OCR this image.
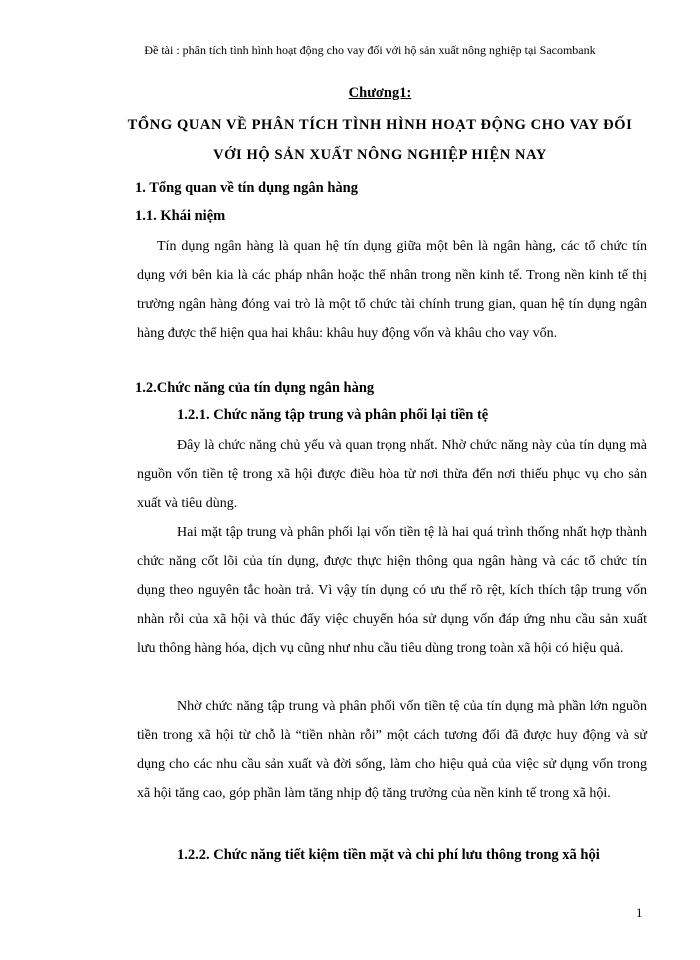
Đề tài : phân tích tình hình hoạt động cho vay đối với hộ sản xuất nông nghiệp tại Sacombank
Chương1:
TỔNG QUAN VỀ PHÂN TÍCH TÌNH HÌNH HOẠT ĐỘNG CHO VAY ĐỐI
VỚI HỘ SẢN XUẤT NÔNG NGHIỆP HIỆN NAY
1. Tổng quan về tín dụng ngân hàng
1.1. Khái niệm

Tín dụng ngân hàng là quan hệ tín dụng giữa một bên là ngân hàng, các tổ chức tín dụng với bên kia là các pháp nhân hoặc thể nhân trong nền kinh tế. Trong nền kinh tế thị trường ngân hàng đóng vai trò là một tổ chức tài chính trung gian, quan hệ tín dụng ngân hàng được thể hiện qua hai khâu: khâu huy động vốn và khâu cho vay vốn.

1.2.Chức năng của tín dụng ngân hàng
1.2.1. Chức năng tập trung và phân phối lại tiền tệ

Đây là chức năng chủ yếu và quan trọng nhất. Nhờ chức năng này của tín dụng mà nguồn vốn tiền tệ trong xã hội được điều hòa từ nơi thừa đến nơi thiếu phục vụ cho sản xuất và tiêu dùng.

Hai mặt tập trung và phân phối lại vốn tiền tệ là hai quá trình thống nhất hợp thành chức năng cốt lõi của tín dụng, được thực hiện thông qua ngân hàng và các tổ chức tín dụng theo nguyên tắc hoàn trả. Vì vậy tín dụng có ưu thế rõ rệt, kích thích tập trung vốn nhàn rỗi của xã hội và thúc đẩy việc chuyển hóa sử dụng vốn đáp ứng nhu cầu sản xuất lưu thông hàng hóa, dịch vụ cũng như nhu cầu tiêu dùng trong toàn xã hội có hiệu quả.

Nhờ chức năng tập trung và phân phối vốn tiền tệ của tín dụng mà phần lớn nguồn tiền trong xã hội từ chỗ là “tiền nhàn rỗi” một cách tương đối đã được huy động và sử dụng cho các nhu cầu sản xuất và đời sống, làm cho hiệu quả của việc sử dụng vốn trong xã hội tăng cao, góp phần làm tăng nhịp độ tăng trưởng của nền kinh tế trong xã hội.

1.2.2. Chức năng tiết kiệm tiền mặt và chi phí lưu thông trong xã hội
1
